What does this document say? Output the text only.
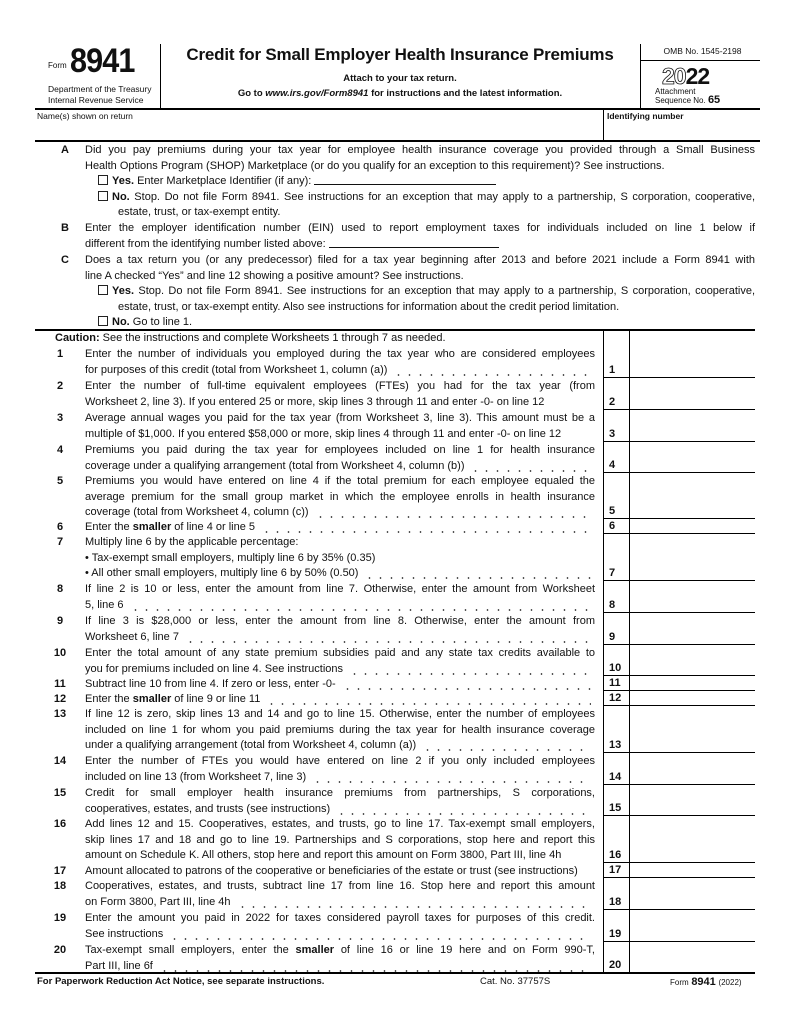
$^{Form}$ 8941
Department of the Treasury
Internal Revenue Service
Credit for Small Employer Health Insurance Premiums
Attach to your tax return.
Go to www.irs.gov/Form8941 for instructions and the latest information.
OMB No. 1545-2198
2022
Attachment
Sequence No. 65
Name(s) shown on return	Identifying number
A	Did you pay premiums during your tax year for employee health insurance coverage you provided through a Small Business
Health Options Program (SHOP) Marketplace (or do you qualify for an exception to this requirement)? See instructions.
Yes. Enter Marketplace Identifier (if any):
No. Stop. Do not file Form 8941. See instructions for an exception that may apply to a partnership, S corporation, cooperative,
estate, trust, or tax-exempt entity.
B	Enter the employer identification number (EIN) used to report employment taxes for individuals included on line 1 below if
different from the identifying number listed above:
C	Does a tax return you (or any predecessor) filed for a tax year beginning after 2013 and before 2021 include a Form 8941 with
line A checked “Yes” and line 12 showing a positive amount? See instructions.
Yes. Stop. Do not file Form 8941. See instructions for an exception that may apply to a partnership, S corporation, cooperative,
estate, trust, or tax-exempt entity. Also see instructions for information about the credit period limitation.
No. Go to line 1.
Caution: See the instructions and complete Worksheets 1 through 7 as needed.
1	Enter the number of individuals you employed during the tax year who are considered employees
for purposes of this credit (total from Worksheet 1, column (a))	1
2	Enter the number of full-time equivalent employees (FTEs) you had for the tax year (from
Worksheet 2, line 3). If you entered 25 or more, skip lines 3 through 11 and enter -0- on line 12	2
3	Average annual wages you paid for the tax year (from Worksheet 3, line 3). This amount must be a
multiple of $1,000. If you entered $58,000 or more, skip lines 4 through 11 and enter -0- on line 12	3
4	Premiums you paid during the tax year for employees included on line 1 for health insurance
coverage under a qualifying arrangement (total from Worksheet 4, column (b))	4
5	Premiums you would have entered on line 4 if the total premium for each employee equaled the
average premium for the small group market in which the employee enrolls in health insurance
coverage (total from Worksheet 4, column (c))	5
6	Enter the smaller of line 4 or line 5	6
7	Multiply line 6 by the applicable percentage:
• Tax-exempt small employers, multiply line 6 by 35% (0.35)
• All other small employers, multiply line 6 by 50% (0.50)	7
8	If line 2 is 10 or less, enter the amount from line 7. Otherwise, enter the amount from Worksheet
5, line 6	8
9	If line 3 is $28,000 or less, enter the amount from line 8. Otherwise, enter the amount from
Worksheet 6, line 7	9
10	Enter the total amount of any state premium subsidies paid and any state tax credits available to
you for premiums included on line 4. See instructions	10
11	Subtract line 10 from line 4. If zero or less, enter -0-	11
12	Enter the smaller of line 9 or line 11	12
13	If line 12 is zero, skip lines 13 and 14 and go to line 15. Otherwise, enter the number of employees
included on line 1 for whom you paid premiums during the tax year for health insurance coverage
under a qualifying arrangement (total from Worksheet 4, column (a))	13
14	Enter the number of FTEs you would have entered on line 2 if you only included employees
included on line 13 (from Worksheet 7, line 3)	14
15	Credit for small employer health insurance premiums from partnerships, S corporations,
cooperatives, estates, and trusts (see instructions)	15
16	Add lines 12 and 15. Cooperatives, estates, and trusts, go to line 17. Tax-exempt small employers,
skip lines 17 and 18 and go to line 19. Partnerships and S corporations, stop here and report this
amount on Schedule K. All others, stop here and report this amount on Form 3800, Part III, line 4h	16
17	Amount allocated to patrons of the cooperative or beneficiaries of the estate or trust (see instructions)	17
18	Cooperatives, estates, and trusts, subtract line 17 from line 16. Stop here and report this amount
on Form 3800, Part III, line 4h	18
19	Enter the amount you paid in 2022 for taxes considered payroll taxes for purposes of this credit.
See instructions	19
20	Tax-exempt small employers, enter the smaller of line 16 or line 19 here and on Form 990-T,
Part III, line 6f	20
For Paperwork Reduction Act Notice, see separate instructions.	Cat. No. 37757S	Form 8941 (2022)
